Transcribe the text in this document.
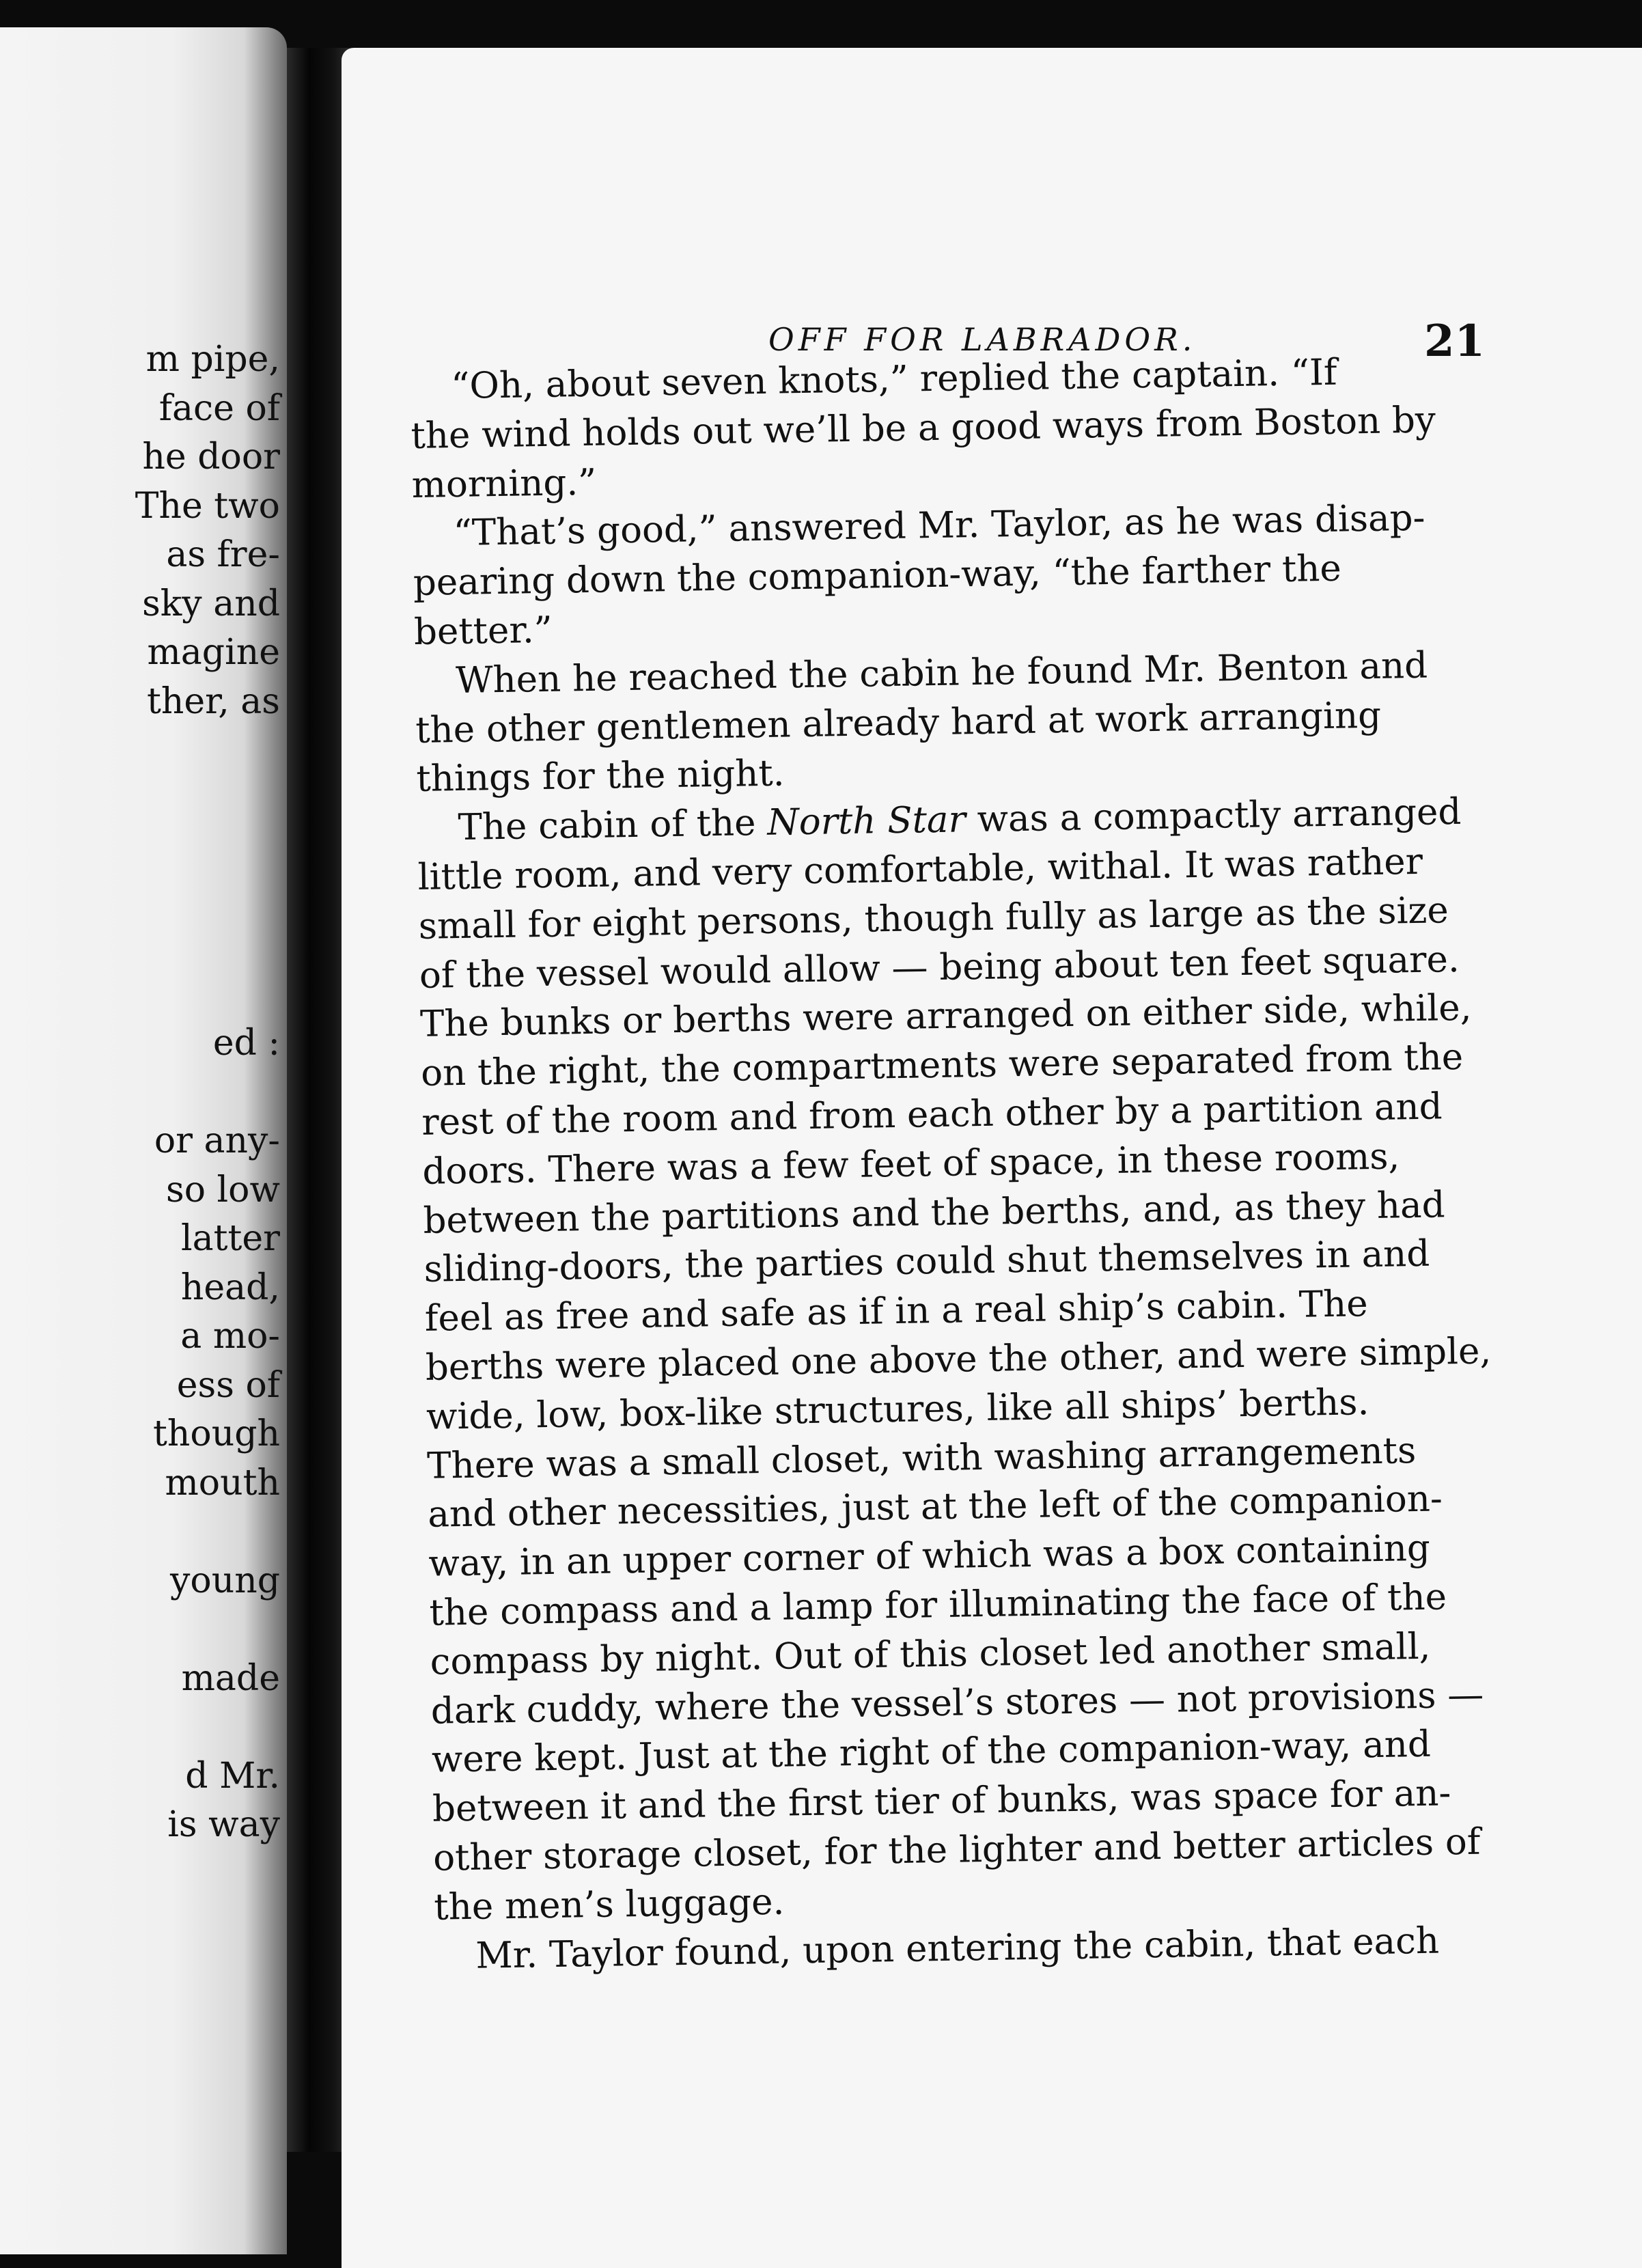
m pipe,
face of
he door
The two
as fre-
sky and
magine
ther, as
ed :
or any-
so low
latter
head,
a mo-
ess of
though
mouth
young
made
d Mr.
is way
OFF FOR LABRADOR.	21
“Oh, about seven knots,” replied the captain. “If
the wind holds out we’ll be a good ways from Boston by
morning.”
“That’s good,” answered Mr. Taylor, as he was disap-
pearing down the companion-way, “the farther the
better.”
When he reached the cabin he found Mr. Benton and
the other gentlemen already hard at work arranging
things for the night.
The cabin of the North Star was a compactly arranged
little room, and very comfortable, withal. It was rather
small for eight persons, though fully as large as the size
of the vessel would allow — being about ten feet square.
The bunks or berths were arranged on either side, while,
on the right, the compartments were separated from the
rest of the room and from each other by a partition and
doors. There was a few feet of space, in these rooms,
between the partitions and the berths, and, as they had
sliding-doors, the parties could shut themselves in and
feel as free and safe as if in a real ship’s cabin. The
berths were placed one above the other, and were simple,
wide, low, box-like structures, like all ships’ berths.
There was a small closet, with washing arrangements
and other necessities, just at the left of the companion-
way, in an upper corner of which was a box containing
the compass and a lamp for illuminating the face of the
compass by night. Out of this closet led another small,
dark cuddy, where the vessel’s stores — not provisions —
were kept. Just at the right of the companion-way, and
between it and the first tier of bunks, was space for an-
other storage closet, for the lighter and better articles of
the men’s luggage.
Mr. Taylor found, upon entering the cabin, that each
